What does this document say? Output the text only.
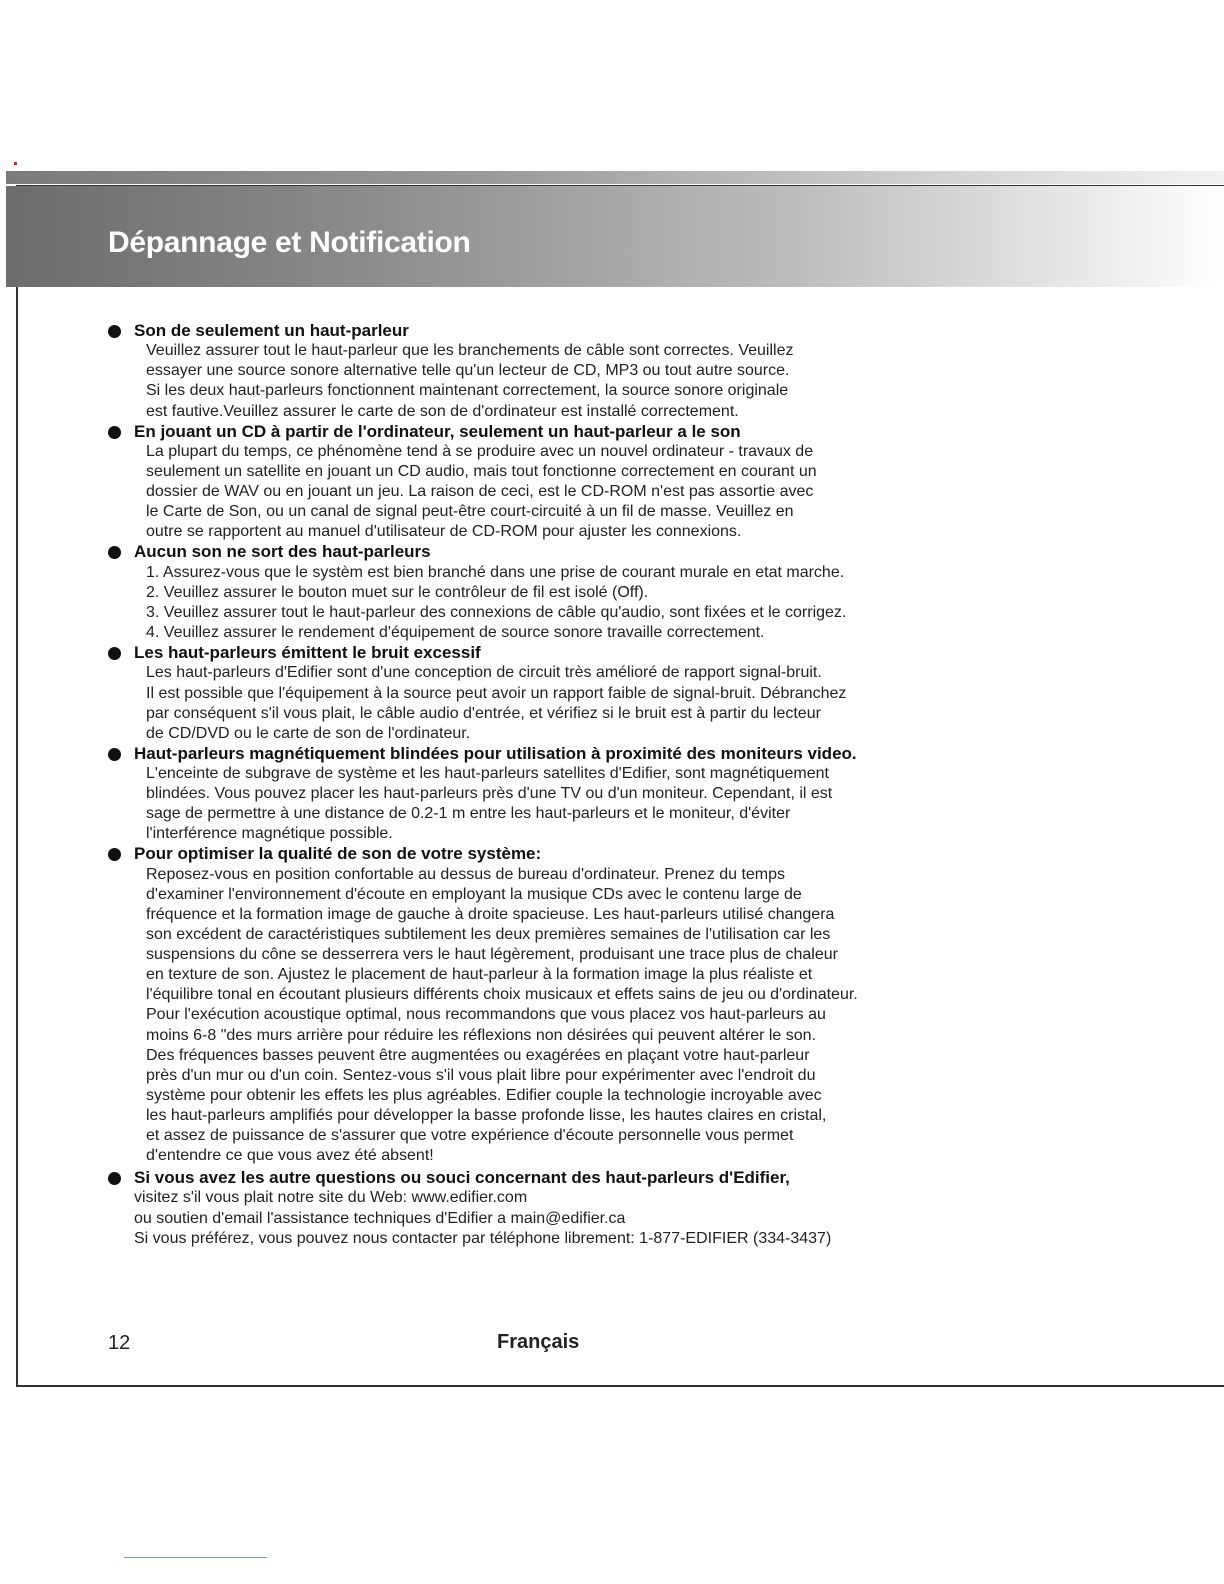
Dépannage et Notification
Son de seulement un haut-parleur

Veuillez assurer tout le haut-parleur que les branchements de câble sont correctes. Veuillez
essayer une source sonore alternative telle qu'un lecteur de CD, MP3 ou tout autre source.
Si les deux haut-parleurs fonctionnent maintenant correctement, la source sonore originale
est fautive.Veuillez assurer le carte de son de d'ordinateur est installé correctement.

En jouant un CD à partir de l'ordinateur, seulement un haut-parleur a le son

La plupart du temps, ce phénomène tend à se produire avec un nouvel ordinateur - travaux de
seulement un satellite en jouant un CD audio, mais tout fonctionne correctement en courant un
dossier de WAV ou en jouant un jeu. La raison de ceci, est le CD-ROM n'est pas assortie avec
le Carte de Son, ou un canal de signal peut-être court-circuité à un fil de masse. Veuillez en
outre se rapportent au manuel d'utilisateur de CD-ROM pour ajuster les connexions.

Aucun son ne sort des haut-parleurs

1. Assurez-vous que le systèm est bien branché dans une prise de courant murale en etat marche.
2. Veuillez assurer le bouton muet sur le contrôleur de fil est isolé (Off).
3. Veuillez assurer tout le haut-parleur des connexions de câble qu'audio, sont fixées et le corrigez.
4. Veuillez assurer le rendement d'équipement de source sonore travaille correctement.

Les haut-parleurs émittent le bruit excessif

Les haut-parleurs d'Edifier sont d'une conception de circuit très amélioré de rapport signal-bruit.
Il est possible que l'équipement à la source peut avoir un rapport faible de signal-bruit. Débranchez
par conséquent s'il vous plait, le câble audio d'entrée, et vérifiez si le bruit est à partir du lecteur
de CD/DVD ou le carte de son de l'ordinateur.

Haut-parleurs magnétiquement blindées pour utilisation à proximité des moniteurs video.

L'enceinte de subgrave de système et les haut-parleurs satellites d'Edifier, sont magnétiquement
blindées. Vous pouvez placer les haut-parleurs près d'une TV ou d'un moniteur. Cependant, il est
sage de permettre à une distance de 0.2-1 m entre les haut-parleurs et le moniteur, d'éviter
l'interférence magnétique possible.

Pour optimiser la qualité de son de votre système:

Reposez-vous en position confortable au dessus de bureau d'ordinateur. Prenez du temps
d'examiner l'environnement d'écoute en employant la musique CDs avec le contenu large de
fréquence et la formation image de gauche à droite spacieuse. Les haut-parleurs utilisé changera
son excédent de caractéristiques subtilement les deux premières semaines de l'utilisation car les
suspensions du cône se desserrera vers le haut légèrement, produisant une trace plus de chaleur
en texture de son. Ajustez le placement de haut-parleur à la formation image la plus réaliste et
l'équilibre tonal en écoutant plusieurs différents choix musicaux et effets sains de jeu ou d'ordinateur.
Pour l'exécution acoustique optimal, nous recommandons que vous placez vos haut-parleurs au
moins 6-8 "des murs arrière pour réduire les réflexions non désirées qui peuvent altérer le son.
Des fréquences basses peuvent être augmentées ou exagérées en plaçant votre haut-parleur
près d'un mur ou d'un coin. Sentez-vous s'il vous plait libre pour expérimenter avec l'endroit du
système pour obtenir les effets les plus agréables. Edifier couple la technologie incroyable avec
les haut-parleurs amplifiés pour développer la basse profonde lisse, les hautes claires en cristal,
et assez de puissance de s'assurer que votre expérience d'écoute personnelle vous permet
d'entendre ce que vous avez été absent!

Si vous avez les autre questions ou souci concernant des haut-parleurs d'Edifier,

visitez s'il vous plait notre site du Web: www.edifier.com
ou soutien d'email l'assistance techniques d'Edifier a main@edifier.ca
Si vous préférez, vous pouvez nous contacter par téléphone librement: 1-877-EDIFIER (334-3437)

12	Français
